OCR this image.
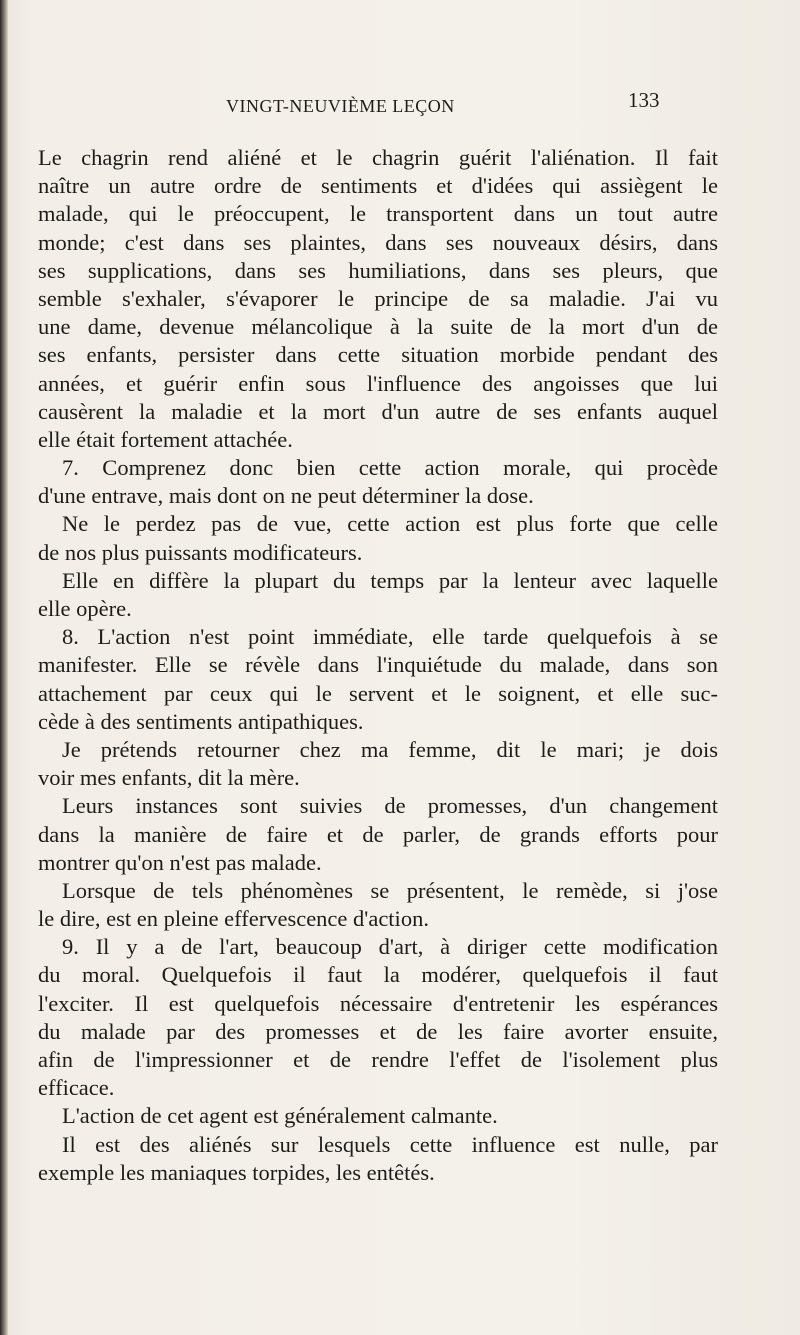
VINGT-NEUVIÈME LEÇON	133
Le chagrin rend aliéné et le chagrin guérit l'aliénation. Il fait
naître un autre ordre de sentiments et d'idées qui assiègent le
malade, qui le préoccupent, le transportent dans un tout autre
monde; c'est dans ses plaintes, dans ses nouveaux désirs, dans
ses supplications, dans ses humiliations, dans ses pleurs, que
semble s'exhaler, s'évaporer le principe de sa maladie. J'ai vu
une dame, devenue mélancolique à la suite de la mort d'un de
ses enfants, persister dans cette situation morbide pendant des
années, et guérir enfin sous l'influence des angoisses que lui
causèrent la maladie et la mort d'un autre de ses enfants auquel
elle était fortement attachée.
7. Comprenez donc bien cette action morale, qui procède
d'une entrave, mais dont on ne peut déterminer la dose.
Ne le perdez pas de vue, cette action est plus forte que celle
de nos plus puissants modificateurs.
Elle en diffère la plupart du temps par la lenteur avec laquelle
elle opère.
8. L'action n'est point immédiate, elle tarde quelquefois à se
manifester. Elle se révèle dans l'inquiétude du malade, dans son
attachement par ceux qui le servent et le soignent, et elle suc-
cède à des sentiments antipathiques.
Je prétends retourner chez ma femme, dit le mari; je dois
voir mes enfants, dit la mère.
Leurs instances sont suivies de promesses, d'un changement
dans la manière de faire et de parler, de grands efforts pour
montrer qu'on n'est pas malade.
Lorsque de tels phénomènes se présentent, le remède, si j'ose
le dire, est en pleine effervescence d'action.
9. Il y a de l'art, beaucoup d'art, à diriger cette modification
du moral. Quelquefois il faut la modérer, quelquefois il faut
l'exciter. Il est quelquefois nécessaire d'entretenir les espérances
du malade par des promesses et de les faire avorter ensuite,
afin de l'impressionner et de rendre l'effet de l'isolement plus
efficace.
L'action de cet agent est généralement calmante.
Il est des aliénés sur lesquels cette influence est nulle, par
exemple les maniaques torpides, les entêtés.
